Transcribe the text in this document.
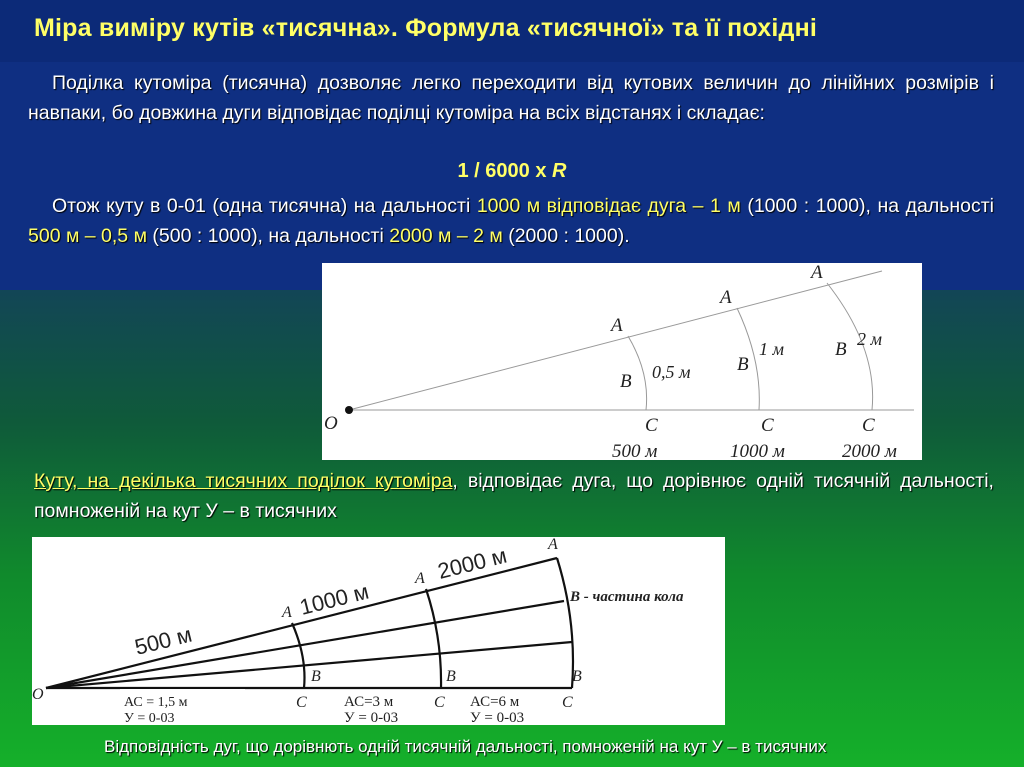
Міра виміру кутів «тисячна». Формула «тисячної» та її похідні
Поділка кутоміра (тисячна) дозволяє легко переходити від кутових величин до лінійних розмірів і навпаки, бо довжина дуги відповідає поділці кутоміра на всіх відстанях і складає:
1 / 6000 x R
Отож куту в 0-01 (одна тисячна) на дальності 1000 м відповідає дуга – 1 м (1000 : 1000), на дальності 500 м – 0,5 м (500 : 1000), на дальності 2000 м – 2 м (2000 : 1000).
O
A
A
A
B
B
B
C	C	C
0,5 м
1 м	2 м
500 м	1000 м	2000 м
Куту, на декілька тисячних поділок кутоміра, відповідає дуга, що дорівнює одній тисячній дальності, помноженій на кут У – в тисячних
O
A
A
A
B	B	B
C	C	C
500 м
1000 м
2000 м
В - частина кола
АС = 1,5 м
У = 0-03
АС=3 м
У = 0-03
АС=6 м
У = 0-03
Відповідність дуг, що дорівнють одній тисячній дальності, помноженій на кут У – в тисячних
